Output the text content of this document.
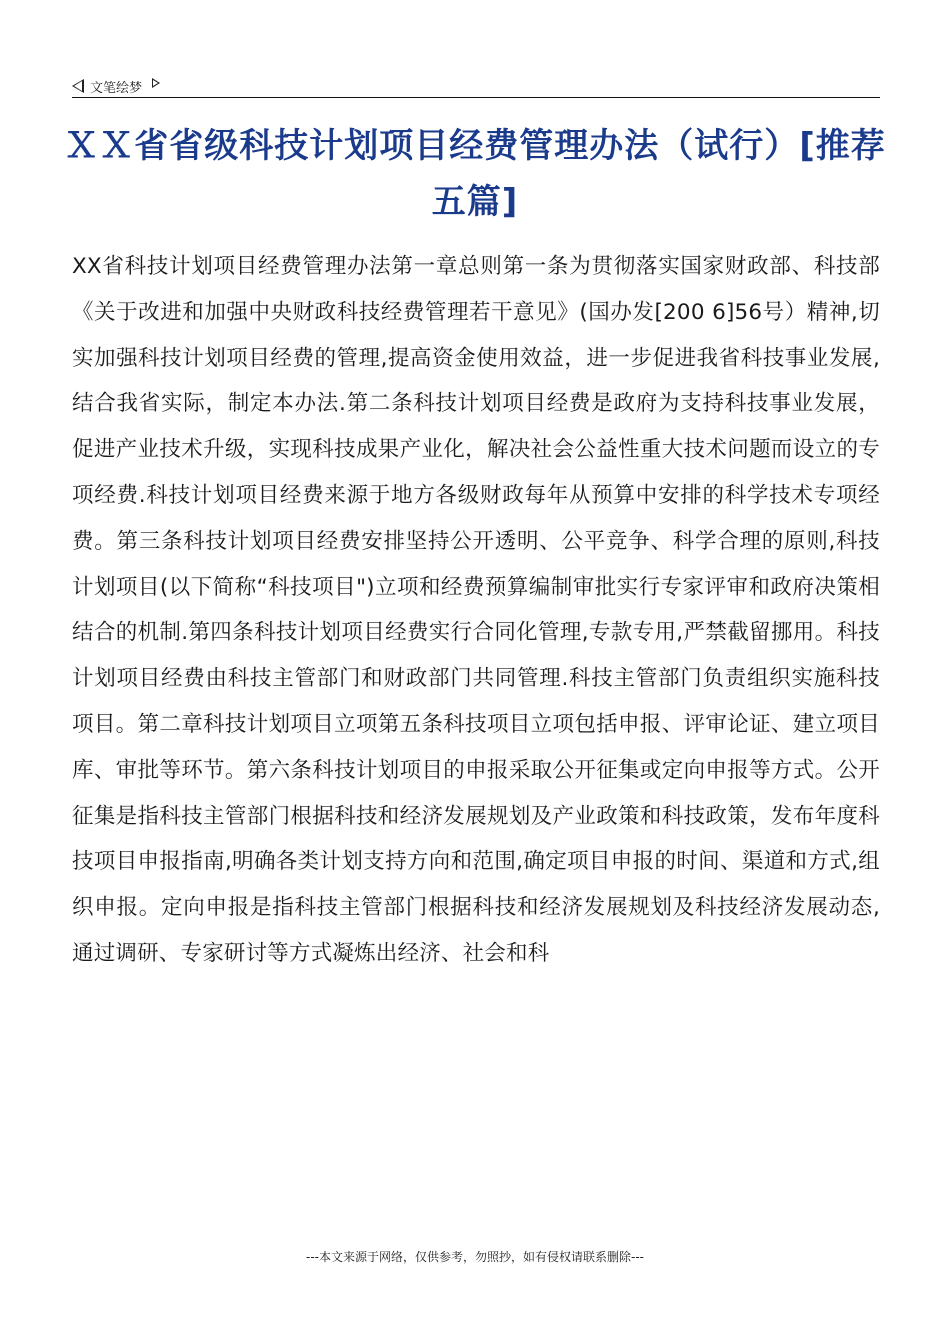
文笔绘梦
ＸＸ省省级科技计划项目经费管理办法（试行）[推荐五篇]
XX省科技计划项目经费管理办法第一章总则第一条为贯彻落实国家财政部、科技部《关于改进和加强中央财政科技经费管理若干意见》(国办发[200 6]56号）精神,切实加强科技计划项目经费的管理,提高资金使用效益，进一步促进我省科技事业发展,结合我省实际，制定本办法.第二条科技计划项目经费是政府为支持科技事业发展，促进产业技术升级，实现科技成果产业化，解决社会公益性重大技术问题而设立的专项经费.科技计划项目经费来源于地方各级财政每年从预算中安排的科学技术专项经费。第三条科技计划项目经费安排坚持公开透明、公平竞争、科学合理的原则,科技计划项目(以下简称“科技项目")立项和经费预算编制审批实行专家评审和政府决策相结合的机制.第四条科技计划项目经费实行合同化管理,专款专用,严禁截留挪用。科技计划项目经费由科技主管部门和财政部门共同管理.科技主管部门负责组织实施科技项目。第二章科技计划项目立项第五条科技项目立项包括申报、评审论证、建立项目库、审批等环节。第六条科技计划项目的申报采取公开征集或定向申报等方式。公开征集是指科技主管部门根据科技和经济发展规划及产业政策和科技政策，发布年度科技项目申报指南,明确各类计划支持方向和范围,确定项目申报的时间、渠道和方式,组织申报。定向申报是指科技主管部门根据科技和经济发展规划及科技经济发展动态,通过调研、专家研讨等方式凝炼出经济、社会和科
---本文来源于网络，仅供参考，勿照抄，如有侵权请联系删除---
